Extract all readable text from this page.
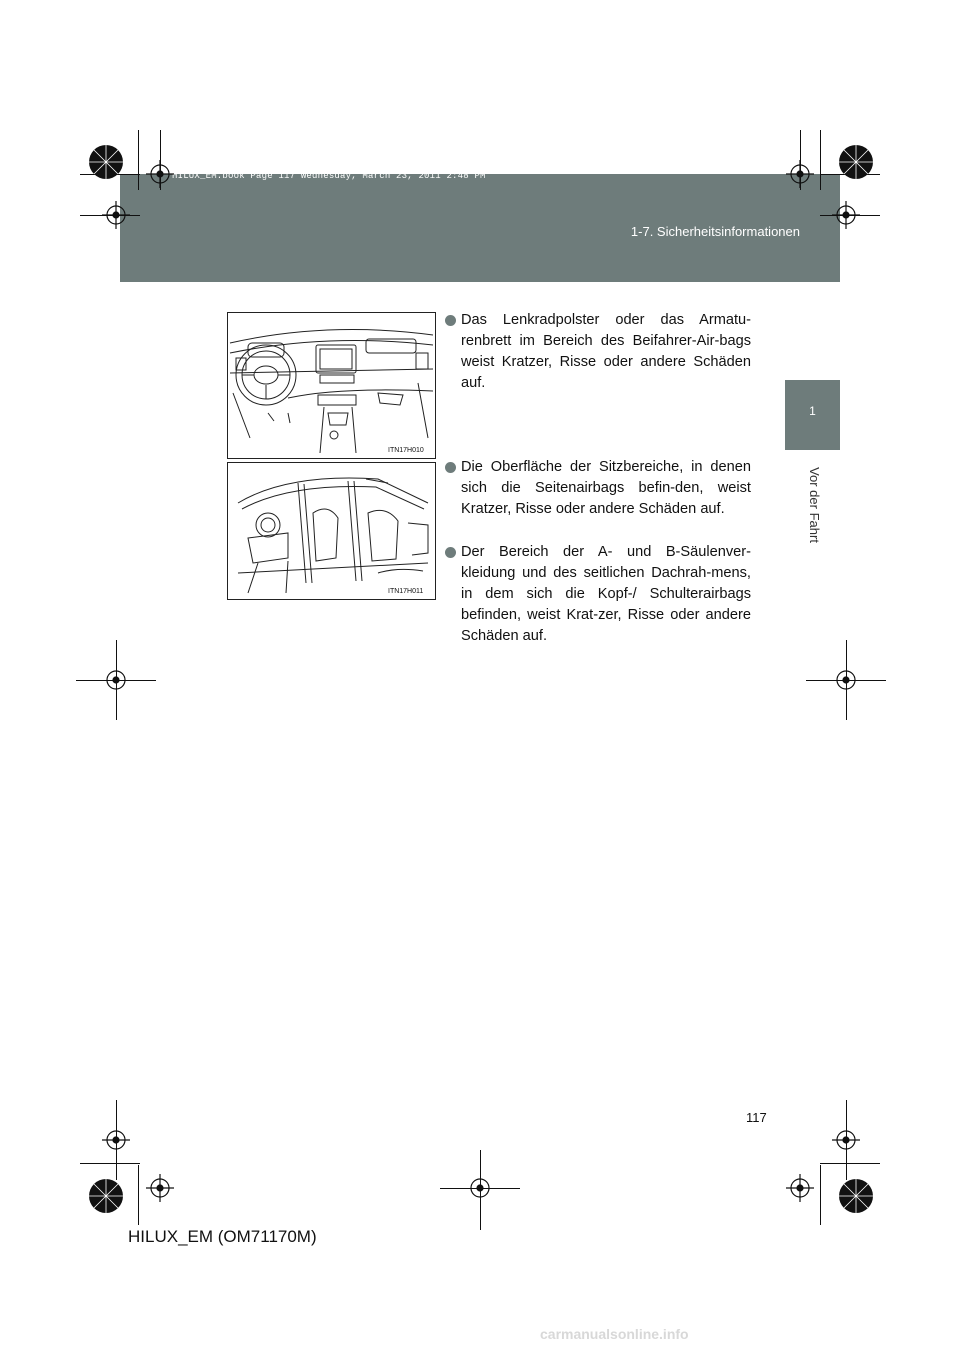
HILUX_EM.book Page 117 Wednesday, March 23, 2011 2:48 PM
1-7. Sicherheitsinformationen
1
Vor der Fahrt
ITN17H010
ITN17H011
Das Lenkradpolster oder das Armatu-renbrett im Bereich des Beifahrer-Air-bags weist Kratzer, Risse oder andere Schäden auf.
Die Oberfläche der Sitzbereiche, in denen sich die Seitenairbags befin-den, weist Kratzer, Risse oder andere Schäden auf.
Der Bereich der A- und B-Säulenver-kleidung und des seitlichen Dachrah-mens, in dem sich die Kopf-/ Schulterairbags befinden, weist Krat-zer, Risse oder andere Schäden auf.
117
HILUX_EM (OM71170M)
carmanualsonline.info
